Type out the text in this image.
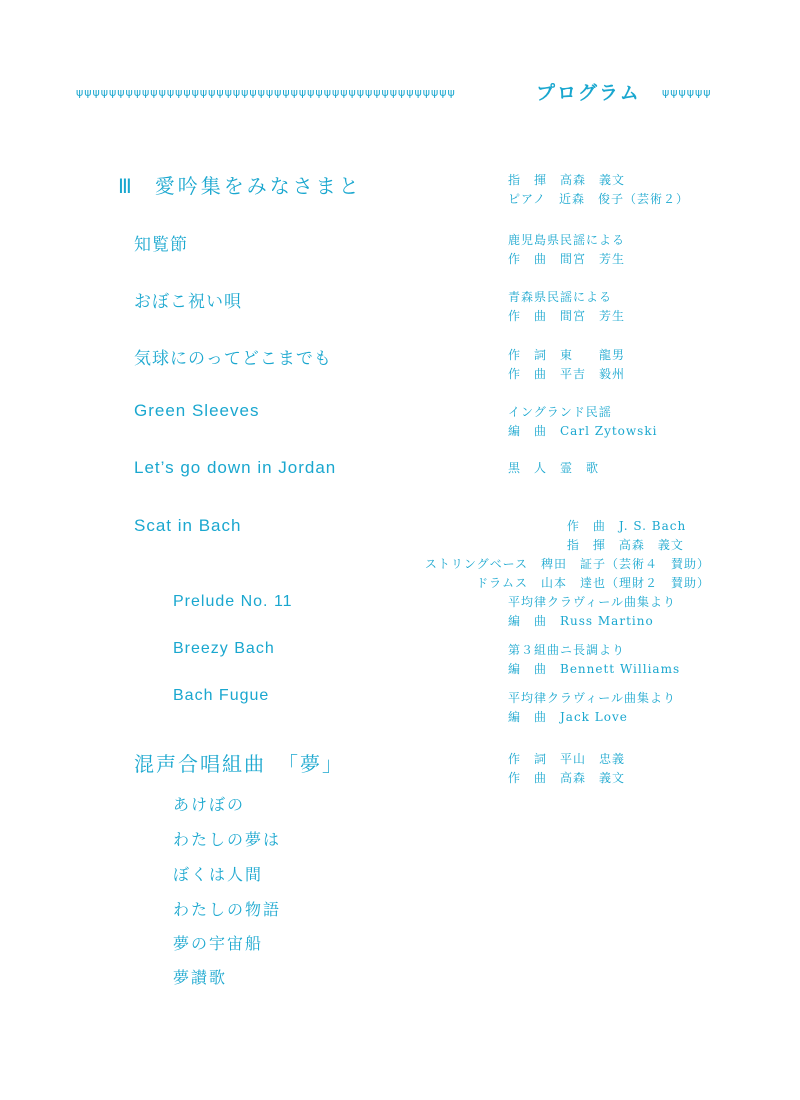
ψψψψψψψψψψψψψψψψψψψψψψψψψψψψψψψψψψψψψψψψψψψψψψ	プログラム ψψψψψψ
Ⅲ 愛吟集をみなさまと	指　揮　高森　義文
ピアノ　近森　俊子（芸術２）
知覧節	鹿児島県民謡による
作　曲　間宮　芳生
おぼこ祝い唄	青森県民謡による
作　曲　間宮　芳生
気球にのってどこまでも	作　詞　東　　龍男
作　曲　平吉　毅州
Green Sleeves	イングランド民謡
編　曲　Carl Zytowski
Let’s go down in Jordan	黒　人　霊　歌
Scat in Bach	作　曲　J. S. Bach
指　揮　高森　義文
ストリングベース　稗田　証子（芸術４　賛助）
ドラムス　山本　達也（理財２　賛助）
Prelude No. 11	平均律クラヴィール曲集より
編　曲　Russ Martino
Breezy Bach	第３組曲ニ長調より
編　曲　Bennett Williams
Bach Fugue	平均律クラヴィール曲集より
編　曲　Jack Love
混声合唱組曲　「夢」	作　詞　平山　忠義
作　曲　高森　義文
あけぼの
わたしの夢は
ぼくは人間
わたしの物語
夢の宇宙船
夢讃歌
